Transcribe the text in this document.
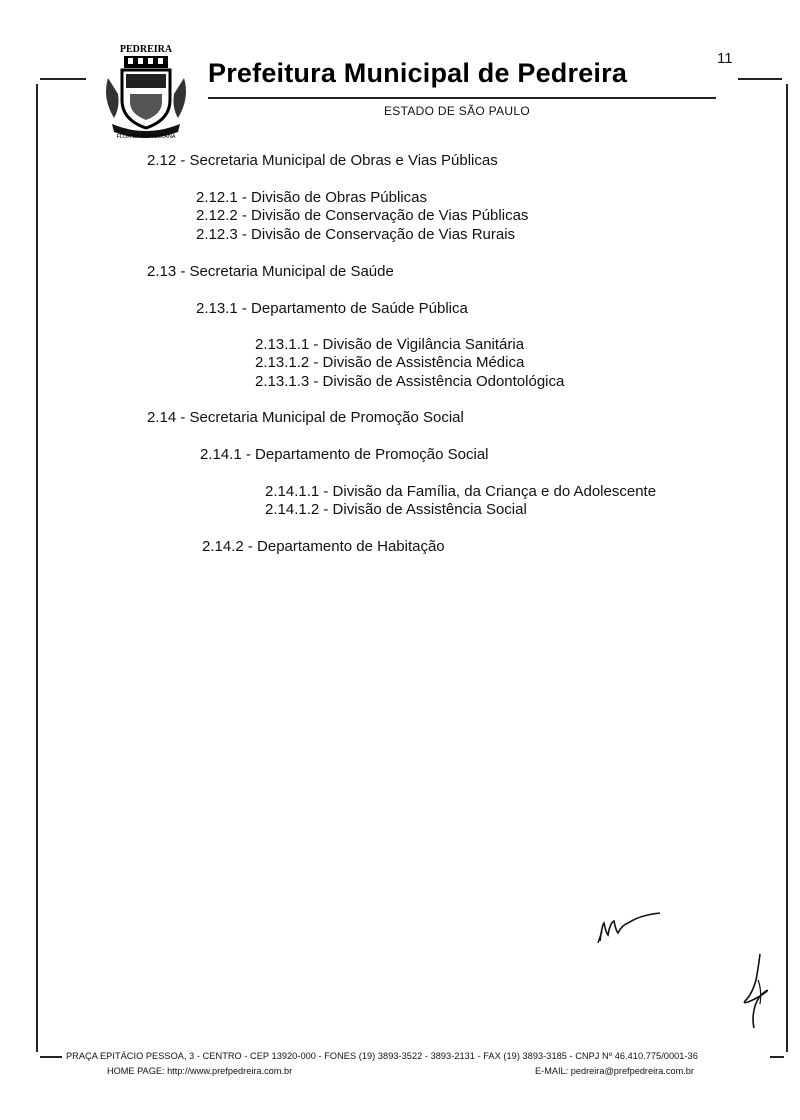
PEDREIRA
FLOR DA PORCELANA
11
Prefeitura Municipal de Pedreira
ESTADO DE SÃO PAULO
2.12 - Secretaria Municipal de Obras e Vias Públicas
2.12.1 - Divisão de Obras Públicas
2.12.2 - Divisão de Conservação de Vias Públicas
2.12.3 - Divisão de Conservação de Vias Rurais
2.13 - Secretaria Municipal de Saúde
2.13.1 - Departamento de Saúde Pública
2.13.1.1 - Divisão de Vigilância Sanitária
2.13.1.2 - Divisão de Assistência Médica
2.13.1.3 - Divisão de Assistência Odontológica
2.14 - Secretaria Municipal de Promoção Social
2.14.1 - Departamento de Promoção Social
2.14.1.1 - Divisão da Família, da Criança e do Adolescente
2.14.1.2 - Divisão de Assistência Social
2.14.2 - Departamento de Habitação
PRAÇA EPITÁCIO PESSOA, 3 - CENTRO - CEP 13920-000 - FONES (19) 3893-3522 - 3893-2131 - FAX (19) 3893-3185 - CNPJ Nº 46.410.775/0001-36
HOME PAGE: http://www.prefpedreira.com.br	E-MAIL: pedreira@prefpedreira.com.br
